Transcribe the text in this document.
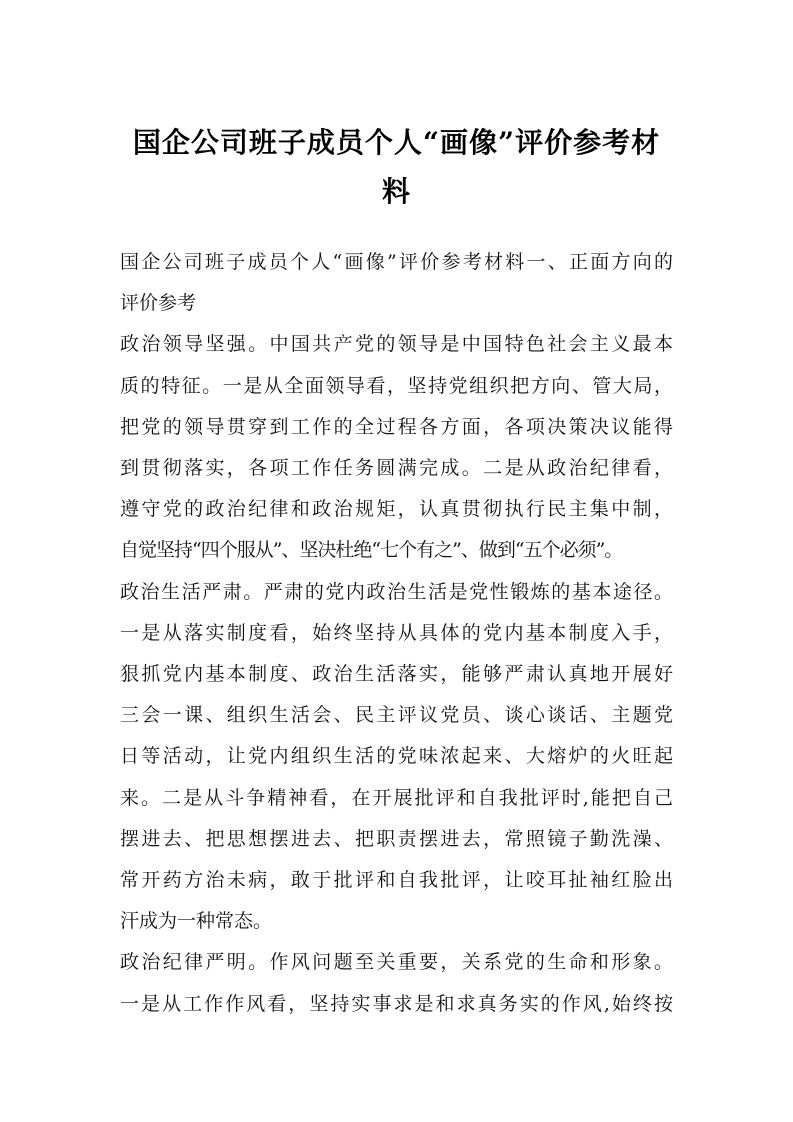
国企公司班子成员个人“画像”评价参考材
料
国企公司班子成员个人“画像”评价参考材料一、正面方向的
评价参考
政治领导坚强。中国共产党的领导是中国特色社会主义最本
质的特征。一是从全面领导看，坚持党组织把方向、管大局，
把党的领导贯穿到工作的全过程各方面，各项决策决议能得
到贯彻落实，各项工作任务圆满完成。二是从政治纪律看，
遵守党的政治纪律和政治规矩，认真贯彻执行民主集中制，
自觉坚持“四个服从”、坚决杜绝“七个有之”、做到“五个必须”。
政治生活严肃。严肃的党内政治生活是党性锻炼的基本途径。
一是从落实制度看，始终坚持从具体的党内基本制度入手，
狠抓党内基本制度、政治生活落实，能够严肃认真地开展好
三会一课、组织生活会、民主评议党员、谈心谈话、主题党
日等活动，让党内组织生活的党味浓起来、大熔炉的火旺起
来。二是从斗争精神看，在开展批评和自我批评时,能把自己
摆进去、把思想摆进去、把职责摆进去，常照镜子勤洗澡、
常开药方治未病，敢于批评和自我批评，让咬耳扯袖红脸出
汗成为一种常态。
政治纪律严明。作风问题至关重要，关系党的生命和形象。
一是从工作作风看，坚持实事求是和求真务实的作风,始终按
